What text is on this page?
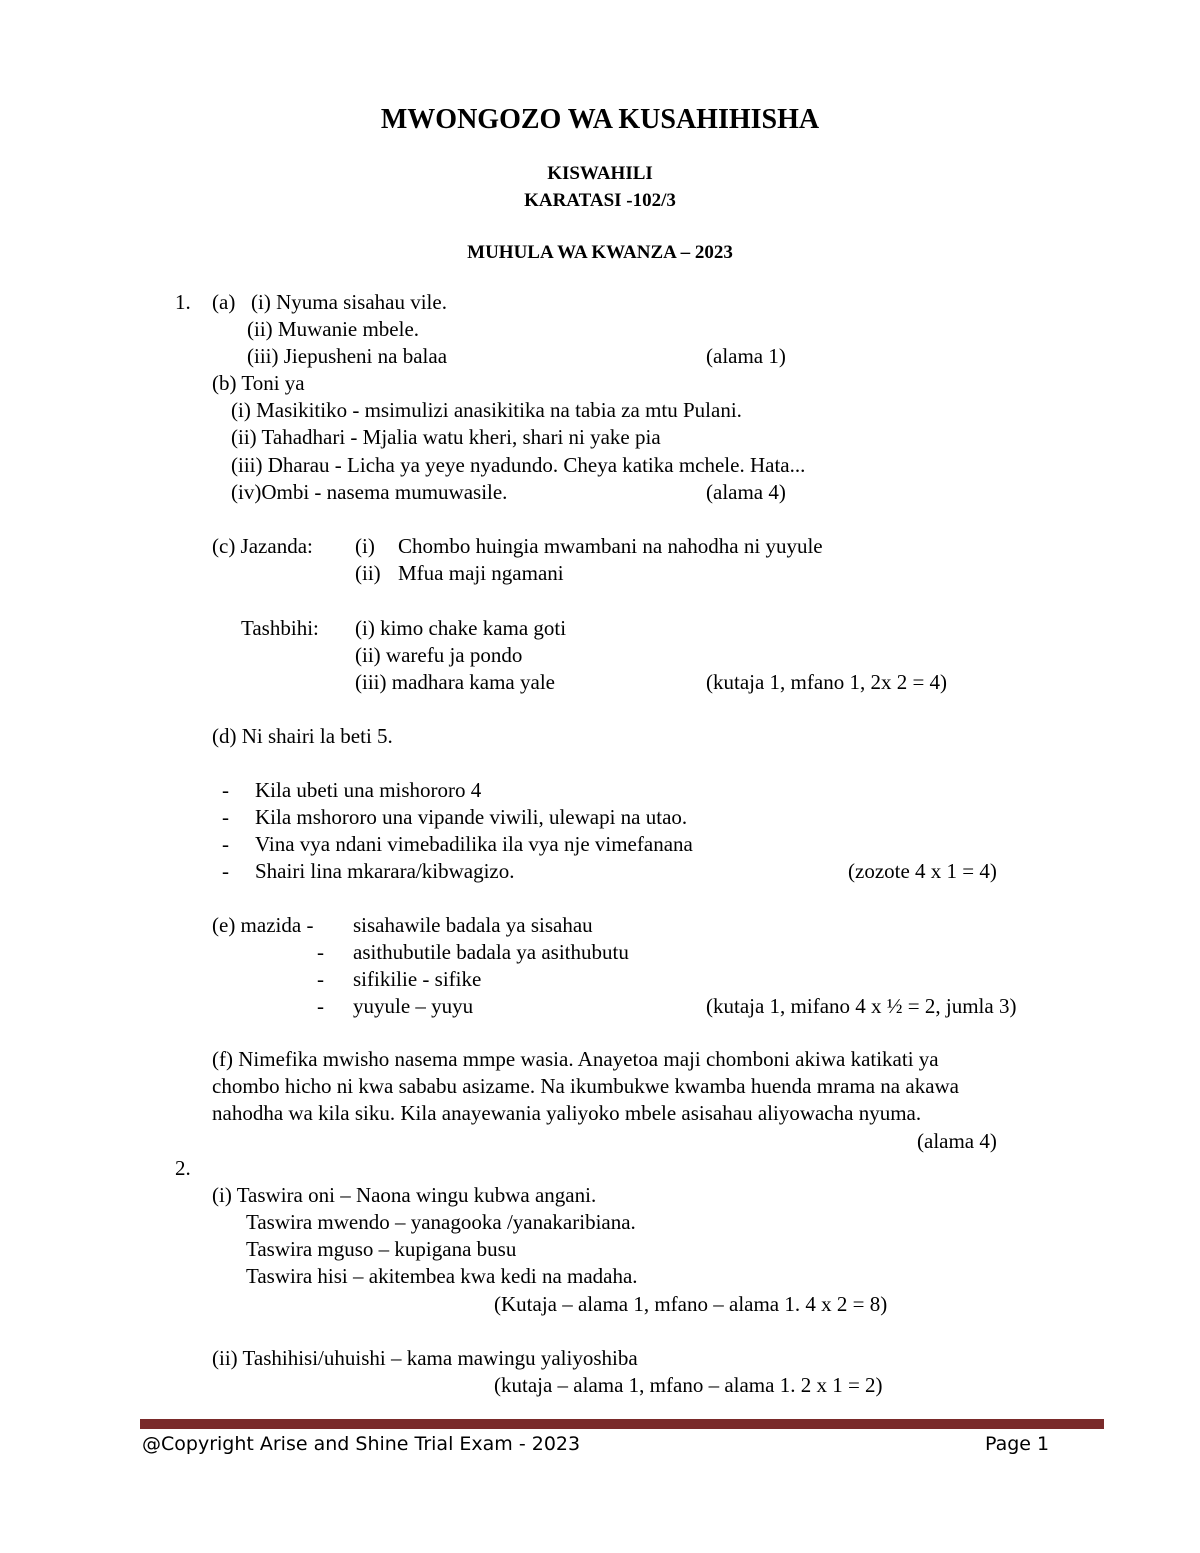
MWONGOZO WA KUSAHIHISHA
KISWAHILI
KARATASI -102/3
MUHULA WA KWANZA – 2023
1. (a) (i) Nyuma sisahau vile.
(ii) Muwanie mbele.
(iii) Jiepusheni na balaa	(alama 1)
(b) Toni ya
(i) Masikitiko - msimulizi anasikitika na tabia za mtu Pulani.
(ii) Tahadhari - Mjalia watu kheri, shari ni yake pia
(iii) Dharau - Licha ya yeye nyadundo. Cheya katika mchele. Hata...
(iv)Ombi - nasema mumuwasile.	(alama 4)
(c) Jazanda: (i) Chombo huingia mwambani na nahodha ni yuyule
(ii) Mfua maji ngamani
Tashbihi: (i) kimo chake kama goti
(ii) warefu ja pondo
(iii) madhara kama yale	(kutaja 1, mfano 1, 2x 2 = 4)
(d) Ni shairi la beti 5.
- Kila ubeti una mishororo 4
- Kila mshororo una vipande viwili, ulewapi na utao.
- Vina vya ndani vimebadilika ila vya nje vimefanana
- Shairi lina mkarara/kibwagizo.	(zozote 4 x 1 = 4)
(e) mazida - sisahawile badala ya sisahau
- asithubutile badala ya asithubutu
- sifikilie - sifike
- yuyule – yuyu	(kutaja 1, mifano 4 x ½ = 2, jumla 3)
(f) Nimefika mwisho nasema mmpe wasia. Anayetoa maji chomboni akiwa katikati ya
chombo hicho ni kwa sababu asizame. Na ikumbukwe kwamba huenda mrama na akawa
nahodha wa kila siku. Kila anayewania yaliyoko mbele asisahau aliyowacha nyuma.
(alama 4)
2.
(i) Taswira oni – Naona wingu kubwa angani.
Taswira mwendo – yanagooka /yanakaribiana.
Taswira mguso – kupigana busu
Taswira hisi – akitembea kwa kedi na madaha.
(Kutaja – alama 1, mfano – alama 1. 4 x 2 = 8)
(ii) Tashihisi/uhuishi – kama mawingu yaliyoshiba
(kutaja – alama 1, mfano – alama 1. 2 x 1 = 2)
@Copyright Arise and Shine Trial Exam - 2023	Page 1
